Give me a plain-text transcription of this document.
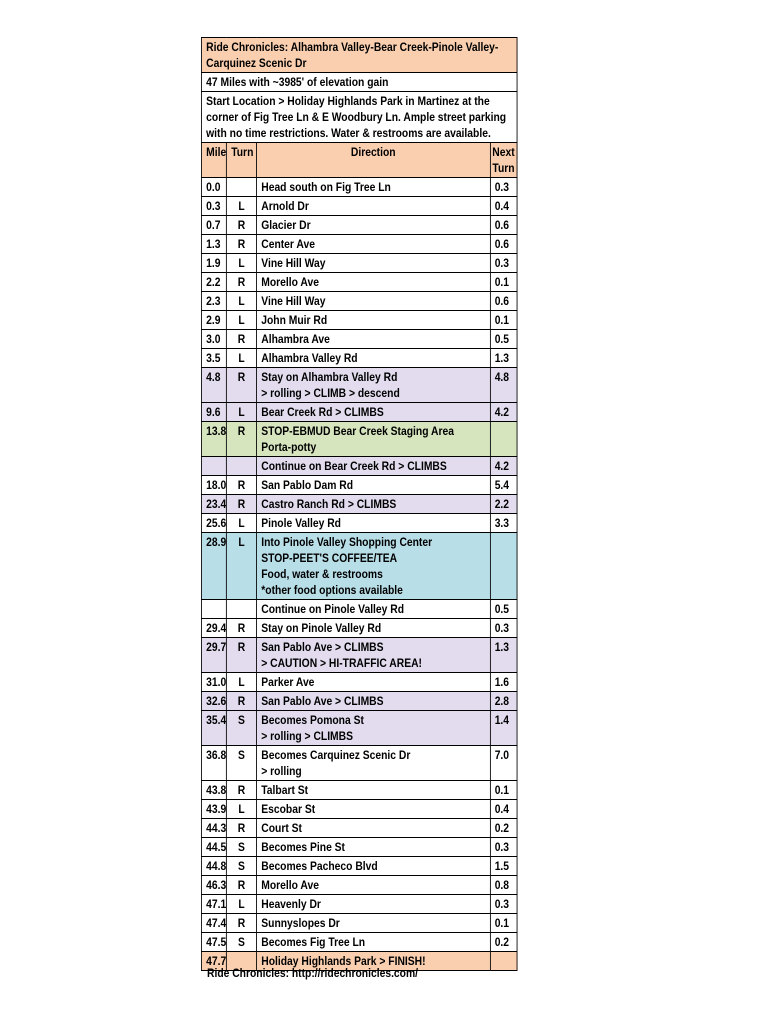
Ride Chronicles: Alhambra Valley-Bear Creek-Pinole Valley-Carquinez Scenic Dr			
47 Miles with ~3985' of elevation gain			
Start Location > Holiday Highlands Park in Martinez at the corner of Fig Tree Ln & E Woodbury Ln. Ample street parking with no time restrictions. Water & restrooms are available.			
Mile	Turn	Direction	Next Turn
0.0		Head south on Fig Tree Ln	0.3
0.3	L	Arnold Dr	0.4
0.7	R	Glacier Dr	0.6
1.3	R	Center Ave	0.6
1.9	L	Vine Hill Way	0.3
2.2	R	Morello Ave	0.1
2.3	L	Vine Hill Way	0.6
2.9	L	John Muir Rd	0.1
3.0	R	Alhambra Ave	0.5
3.5	L	Alhambra Valley Rd	1.3
4.8	R	Stay on Alhambra Valley Rd
> rolling > CLIMB > descend	4.8
9.6	L	Bear Creek Rd > CLIMBS	4.2
13.8	R	STOP-EBMUD Bear Creek Staging Area
Porta-potty	
		Continue on Bear Creek Rd > CLIMBS	4.2
18.0	R	San Pablo Dam Rd	5.4
23.4	R	Castro Ranch Rd > CLIMBS	2.2
25.6	L	Pinole Valley Rd	3.3
28.9	L	Into Pinole Valley Shopping Center
STOP-PEET'S COFFEE/TEA
Food, water & restrooms
*other food options available	
		Continue on Pinole Valley Rd	0.5
29.4	R	Stay on Pinole Valley Rd	0.3
29.7	R	San Pablo Ave > CLIMBS
> CAUTION > HI-TRAFFIC AREA!	1.3
31.0	L	Parker Ave	1.6
32.6	R	San Pablo Ave > CLIMBS	2.8
35.4	S	Becomes Pomona St
> rolling > CLIMBS	1.4
36.8	S	Becomes Carquinez Scenic Dr
> rolling	7.0
43.8	R	Talbart St	0.1
43.9	L	Escobar St	0.4
44.3	R	Court St	0.2
44.5	S	Becomes Pine St	0.3
44.8	S	Becomes Pacheco Blvd	1.5
46.3	R	Morello Ave	0.8
47.1	L	Heavenly Dr	0.3
47.4	R	Sunnyslopes Dr	0.1
47.5	S	Becomes Fig Tree Ln	0.2
47.7		Holiday Highlands Park > FINISH!	
Ride Chronicles: http://ridechronicles.com/
